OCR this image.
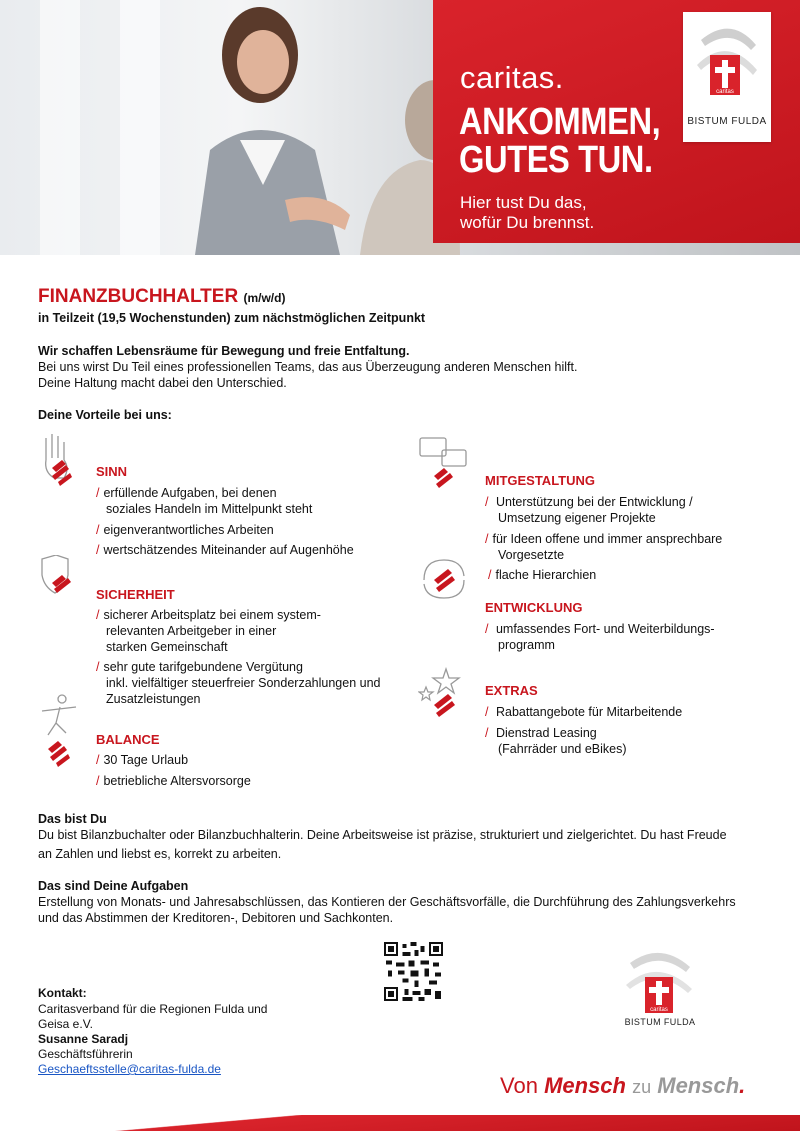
caritas.
ANKOMMEN,
GUTES TUN.
Hier tust Du das,
wofür Du brennst.
caritas
BISTUM FULDA
FINANZBUCHHALTER (m/w/d)
in Teilzeit (19,5 Wochenstunden) zum nächstmöglichen Zeitpunkt
Wir schaffen Lebensräume für Bewegung und freie Entfaltung.
Bei uns wirst Du Teil eines professionellen Teams, das aus Überzeugung anderen Menschen hilft.
Deine Haltung macht dabei den Unterschied.
Deine Vorteile bei uns:
SINN
/ erfüllende Aufgaben, bei denen
soziales Handeln im Mittelpunkt steht
/ eigenverantwortliches Arbeiten
/ wertschätzendes Miteinander auf Augenhöhe
SICHERHEIT
/ sicherer Arbeitsplatz bei einem system-
relevanten Arbeitgeber in einer
starken Gemeinschaft
/ sehr gute tarifgebundene Vergütung
inkl. vielfältiger steuerfreier Sonderzahlungen und
Zusatzleistungen
BALANCE
/ 30 Tage Urlaub
/ betriebliche Altersvorsorge
MITGESTALTUNG
/ Unterstützung bei der Entwicklung /
Umsetzung eigener Projekte
/ für Ideen offene und immer ansprechbare
Vorgesetzte
/ flache Hierarchien
ENTWICKLUNG
/ umfassendes Fort- und Weiterbildungs-
programm
EXTRAS
/ Rabattangebote für Mitarbeitende
/ Dienstrad Leasing
(Fahrräder und eBikes)
Das bist Du
Du bist Bilanzbuchalter oder Bilanzbuchhalterin. Deine Arbeitsweise ist präzise, strukturiert und zielgerichtet. Du hast Freude
an Zahlen und liebst es, korrekt zu arbeiten.
Das sind Deine Aufgaben
Erstellung von Monats- und Jahresabschlüssen, das Kontieren der Geschäftsvorfälle, die Durchführung des Zahlungsverkehrs
und das Abstimmen der Kreditoren-, Debitoren und Sachkonten.
Kontakt:
Caritasverband für die Regionen Fulda und
Geisa e.V.
Susanne Saradj
Geschäftsführerin
Geschaeftsstelle@caritas-fulda.de
caritas
BISTUM FULDA
Von Mensch zu Mensch.
